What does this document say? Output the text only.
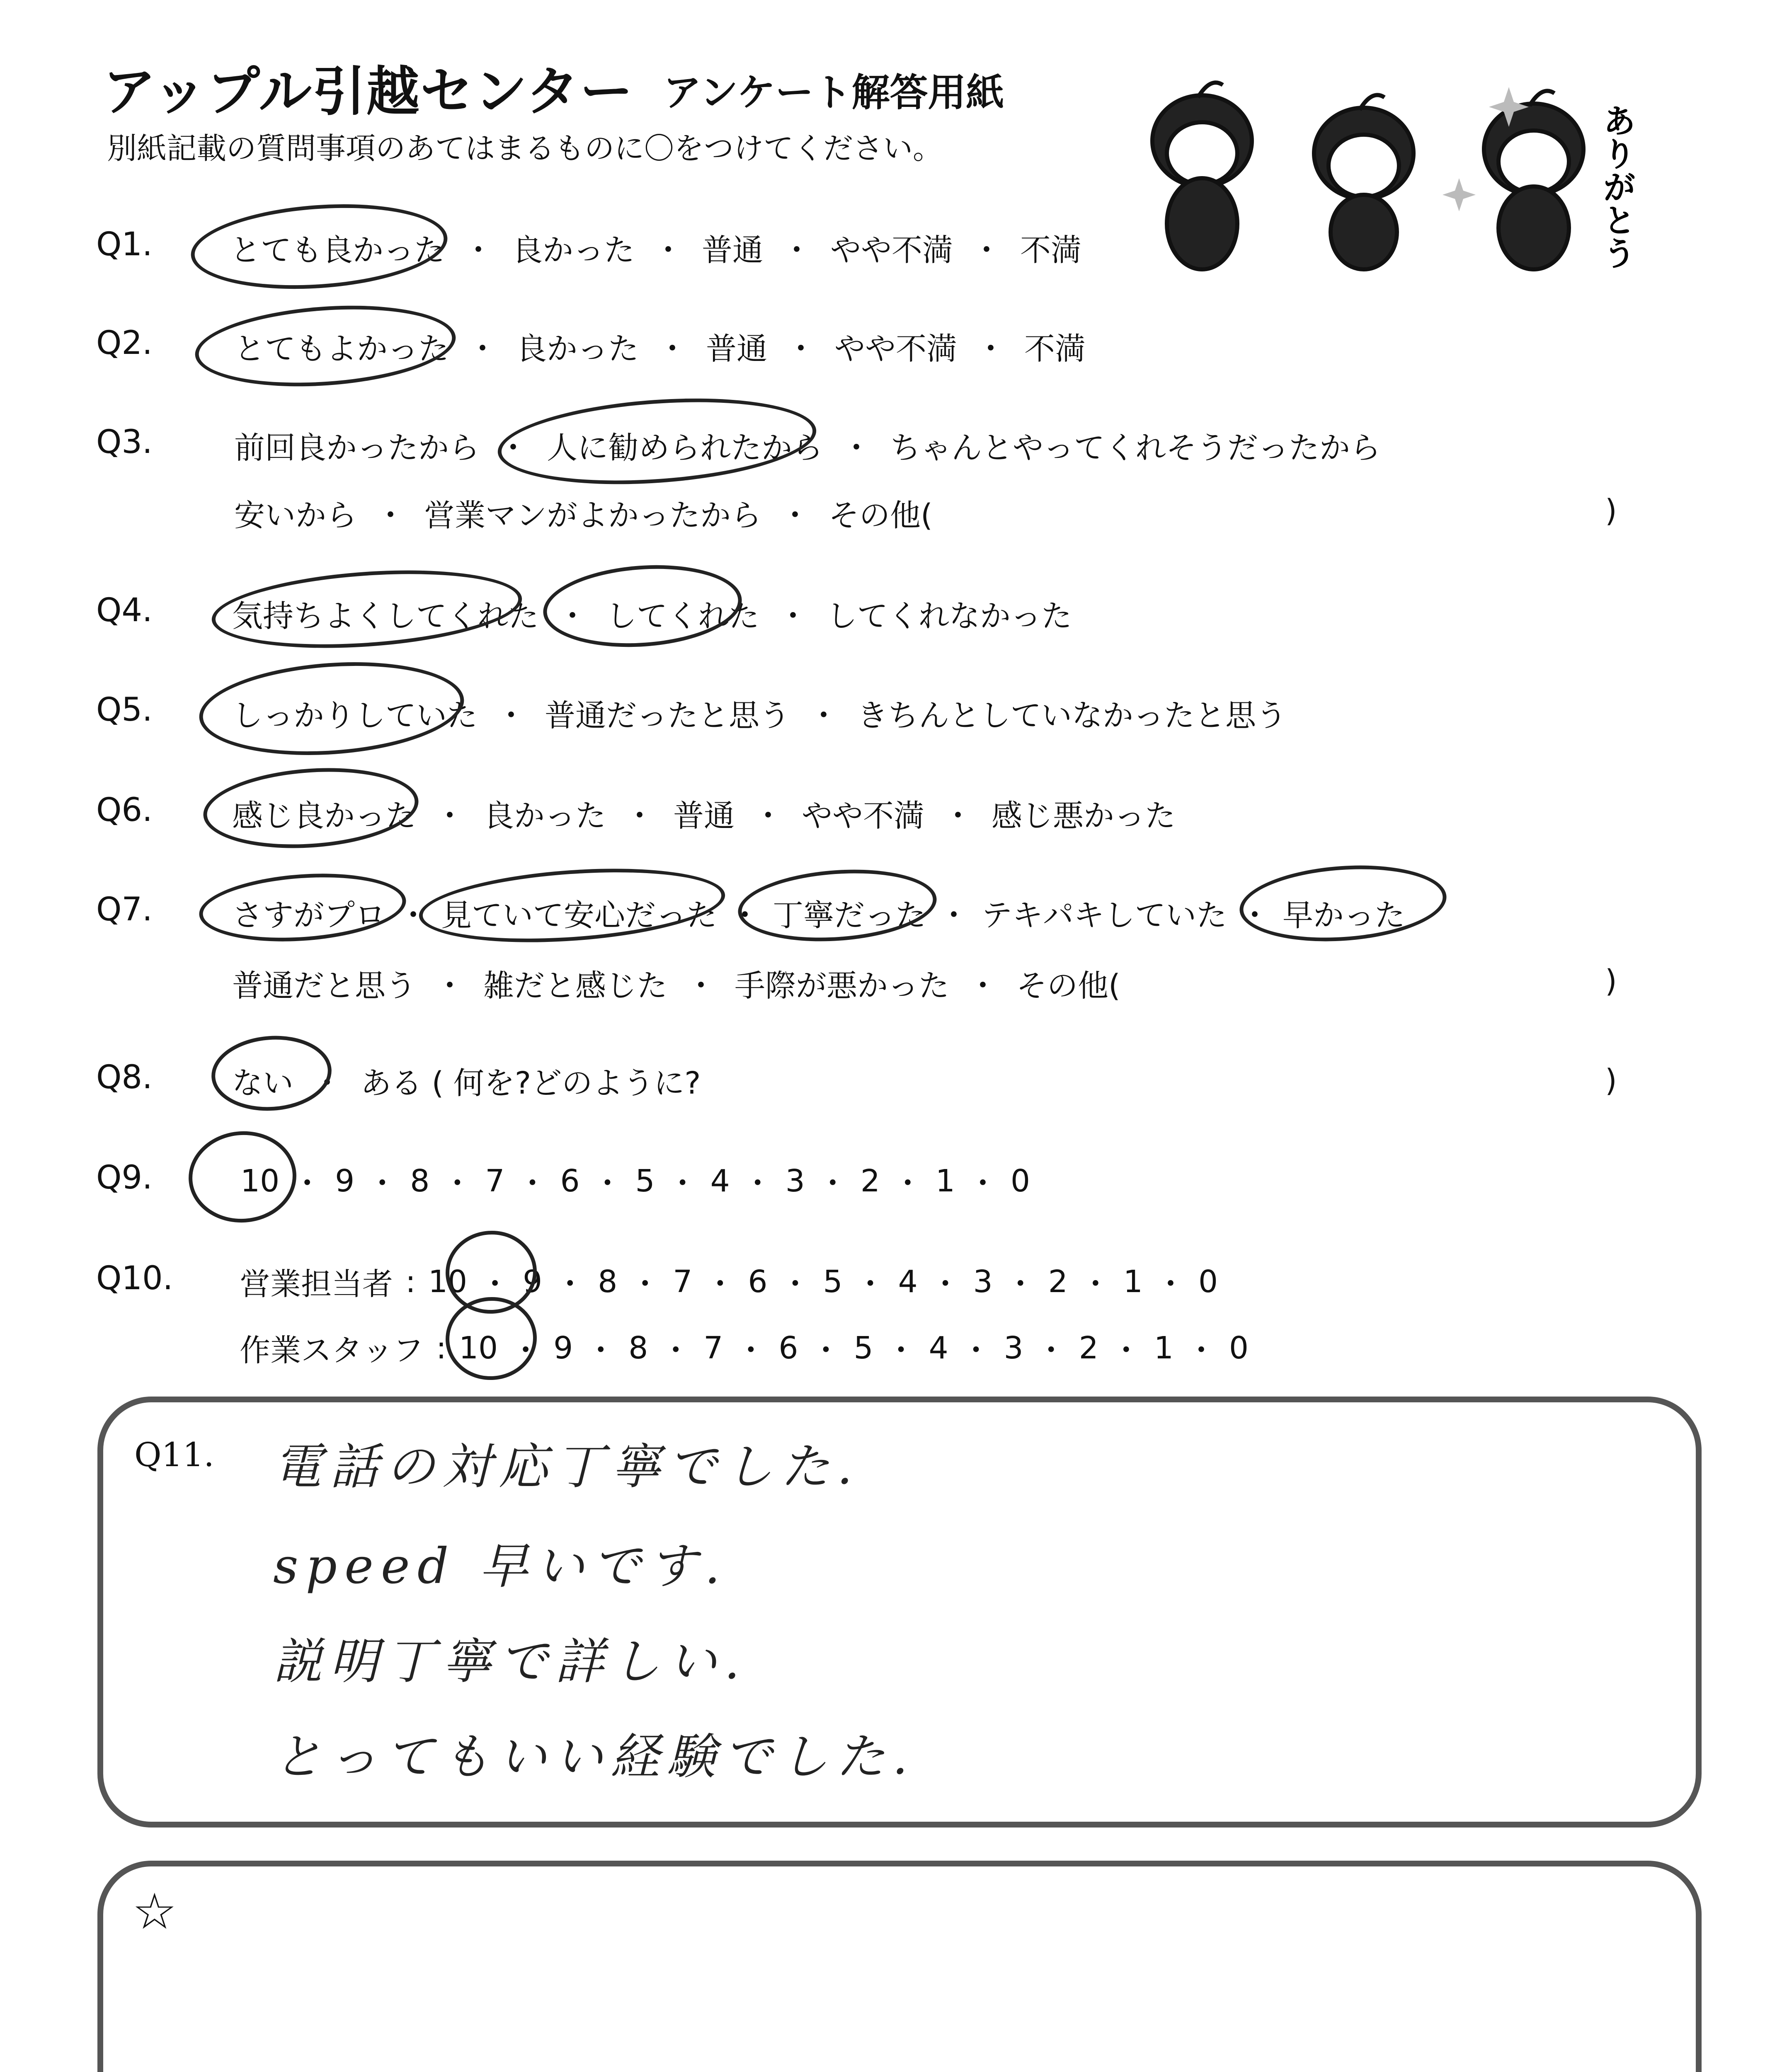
アップル引越センター アンケート解答用紙
別紙記載の質問事項のあてはまるものに〇をつけてください。	ありがとう
Q1.	とても良かった ・ 良かった ・ 普通 ・ やや不満 ・ 不満
Q2.	とてもよかった ・ 良かった ・ 普通 ・ やや不満 ・ 不満
Q3.	前回良かったから ・ 人に勧められたから ・ ちゃんとやってくれそうだったから
安いから ・ 営業マンがよかったから ・ その他(	)
Q4.	気持ちよくしてくれた ・ してくれた ・ してくれなかった
Q5.	しっかりしていた ・ 普通だったと思う ・ きちんとしていなかったと思う
Q6.	感じ良かった ・ 良かった ・ 普通 ・ やや不満 ・ 感じ悪かった
Q7.	さすがプロ ・ 見ていて安心だった ・ 丁寧だった ・ テキパキしていた ・ 早かった
普通だと思う ・ 雑だと感じた ・ 手際が悪かった ・ その他(	)
Q8.	ない ・ ある ( 何を?どのように?	)
Q9.	10 ・ 9 ・ 8 ・ 7 ・ 6 ・ 5 ・ 4 ・ 3 ・ 2 ・ 1 ・ 0
Q10. 営業担当者 : 10 ・ 9 ・ 8 ・ 7 ・ 6 ・ 5 ・ 4 ・ 3 ・ 2 ・ 1 ・ 0
作業スタッフ : 10 ・ 9 ・ 8 ・ 7 ・ 6 ・ 5 ・ 4 ・ 3 ・ 2 ・ 1 ・ 0
Q11. 電話の対応丁寧でした.
speed 早いです.
説明丁寧で詳しい.
とってもいい経験でした.
☆
